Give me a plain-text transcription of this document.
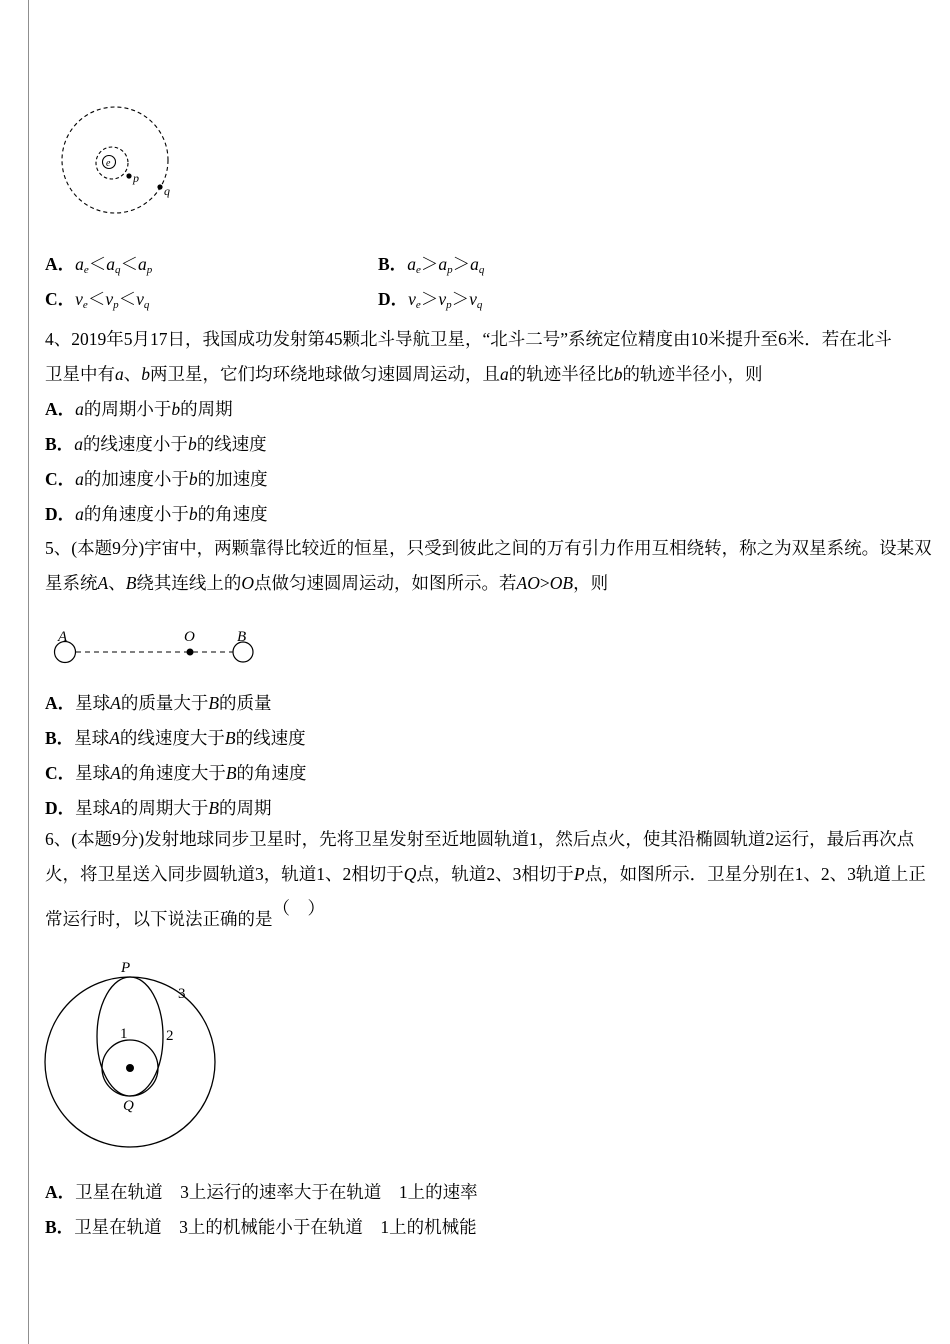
e
p
q
A．ae＜aq＜ap	B．ae＞ap＞aq
C．ve＜vp＜vq	D．ve＞vp＞vq
4、2019年5月17日，我国成功发射第45颗北斗导航卫星，“北斗二号”系统定位精度由10米提升至6米．若在北斗
卫星中有a、b两卫星，它们均环绕地球做匀速圆周运动，且a的轨迹半径比b的轨迹半径小，则
A．a的周期小于b的周期
B．a的线速度小于b的线速度
C．a的加速度小于b的加速度
D．a的角速度小于b的角速度
5、(本题9分)宇宙中，两颗靠得比较近的恒星，只受到彼此之间的万有引力作用互相绕转，称之为双星系统。设某双
星系统A、B绕其连线上的O点做匀速圆周运动，如图所示。若AO>OB，则
A	O	B
A．星球A的质量大于B的质量
B．星球A的线速度大于B的线速度
C．星球A的角速度大于B的角速度
D．星球A的周期大于B的周期
6、(本题9分)发射地球同步卫星时，先将卫星发射至近地圆轨道1，然后点火，使其沿椭圆轨道2运行，最后再次点
火，将卫星送入同步圆轨道3，轨道1、2相切于Q点，轨道2、3相切于P点，如图所示．卫星分别在1、2、3轨道上正
常运行时，以下说法正确的是（　）
P
3
2
1
Q
A．卫星在轨道　3上运行的速率大于在轨道　1上的速率
B．卫星在轨道　3上的机械能小于在轨道　1上的机械能
